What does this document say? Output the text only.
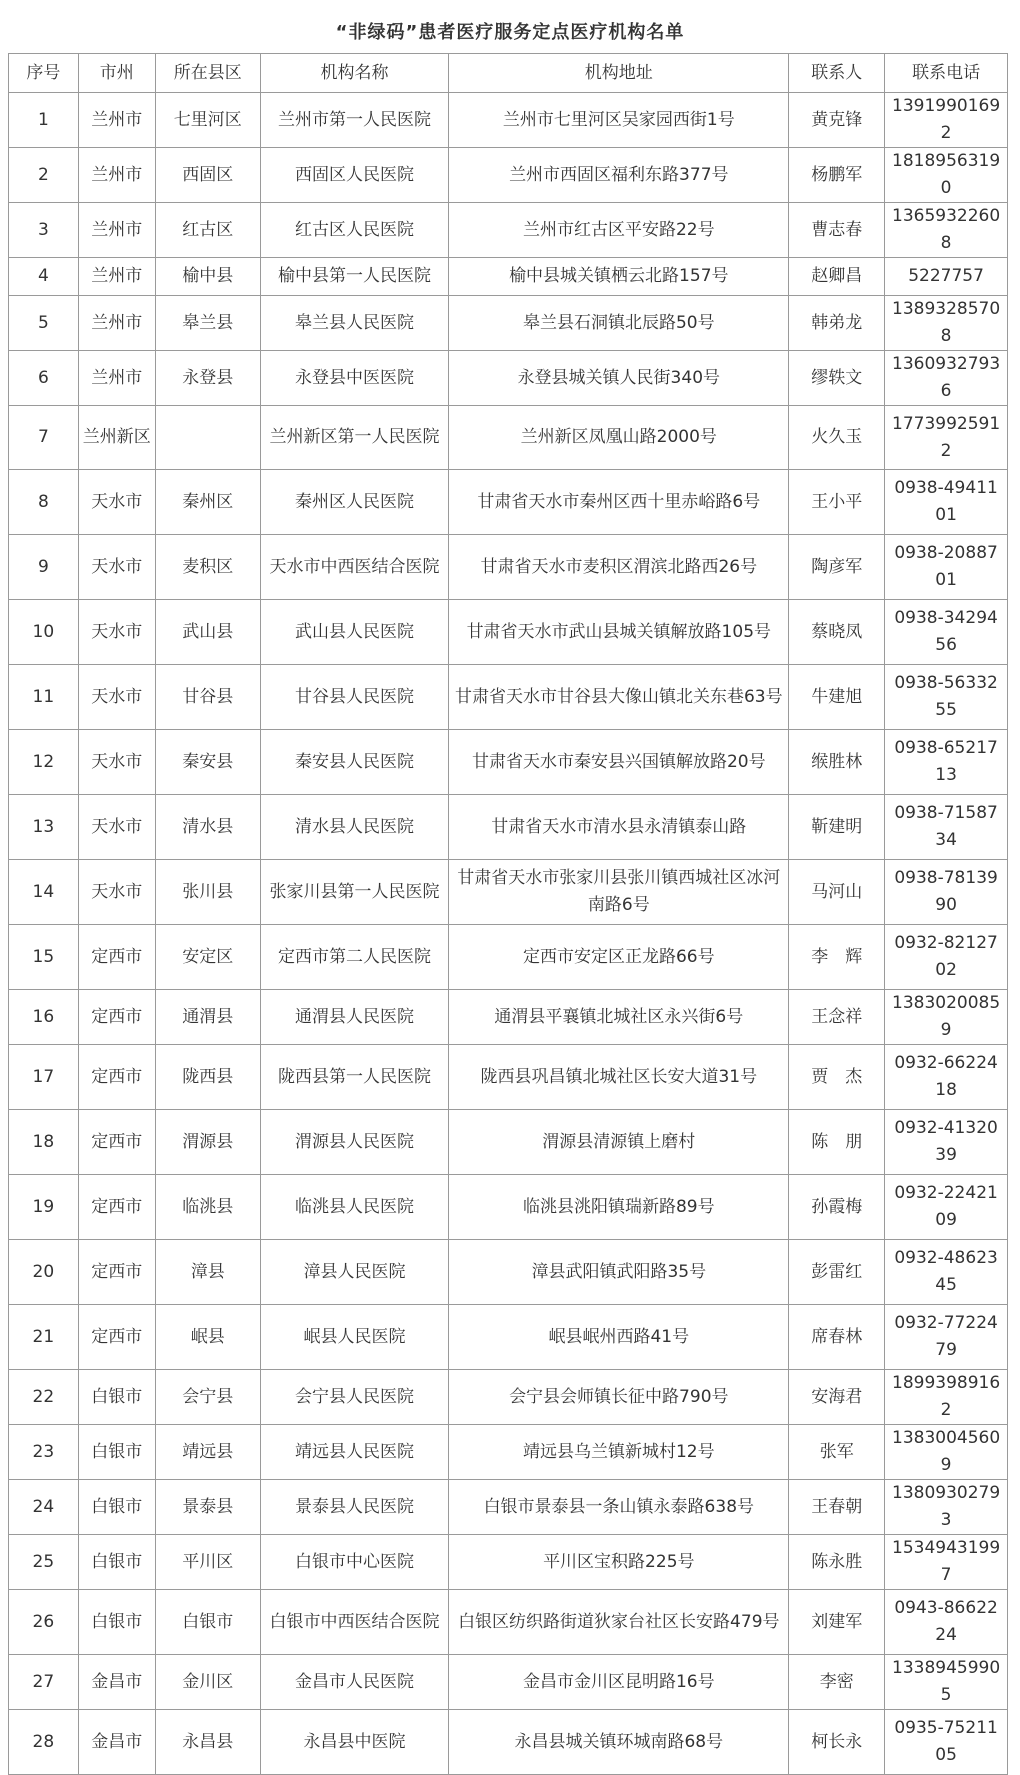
“非绿码”患者医疗服务定点医疗机构名单
序号	市州	所在县区	机构名称	机构地址	联系人	联系电话
1	兰州市	七里河区	兰州市第一人民医院	兰州市七里河区吴家园西街1号	黄克锋	13919901692
2	兰州市	西固区	西固区人民医院	兰州市西固区福利东路377号	杨鹏军	18189563190
3	兰州市	红古区	红古区人民医院	兰州市红古区平安路22号	曹志春	13659322608
4	兰州市	榆中县	榆中县第一人民医院	榆中县城关镇栖云北路157号	赵卿昌	5227757
5	兰州市	皋兰县	皋兰县人民医院	皋兰县石洞镇北辰路50号	韩弟龙	13893285708
6	兰州市	永登县	永登县中医医院	永登县城关镇人民街340号	缪轶文	13609327936
7	兰州新区		兰州新区第一人民医院	兰州新区凤凰山路2000号	火久玉	17739925912
8	天水市	秦州区	秦州区人民医院	甘肃省天水市秦州区西十里赤峪路6号	王小平	0938-4941101
9	天水市	麦积区	天水市中西医结合医院	甘肃省天水市麦积区渭滨北路西26号	陶彦军	0938-2088701
10	天水市	武山县	武山县人民医院	甘肃省天水市武山县城关镇解放路105号	蔡晓凤	0938-3429456
11	天水市	甘谷县	甘谷县人民医院	甘肃省天水市甘谷县大像山镇北关东巷63号	牛建旭	0938-5633255
12	天水市	秦安县	秦安县人民医院	甘肃省天水市秦安县兴国镇解放路20号	缑胜林	0938-6521713
13	天水市	清水县	清水县人民医院	甘肃省天水市清水县永清镇泰山路	靳建明	0938-7158734
14	天水市	张川县	张家川县第一人民医院	甘肃省天水市张家川县张川镇西城社区冰河南路6号	马河山	0938-7813990
15	定西市	安定区	定西市第二人民医院	定西市安定区正龙路66号	李　辉	0932-8212702
16	定西市	通渭县	通渭县人民医院	通渭县平襄镇北城社区永兴街6号	王念祥	13830200859
17	定西市	陇西县	陇西县第一人民医院	陇西县巩昌镇北城社区长安大道31号	贾　杰	0932-6622418
18	定西市	渭源县	渭源县人民医院	渭源县清源镇上磨村	陈　朋	0932-4132039
19	定西市	临洮县	临洮县人民医院	临洮县洮阳镇瑞新路89号	孙霞梅	0932-2242109
20	定西市	漳县	漳县人民医院	漳县武阳镇武阳路35号	彭雷红	0932-4862345
21	定西市	岷县	岷县人民医院	岷县岷州西路41号	席春林	0932-7722479
22	白银市	会宁县	会宁县人民医院	会宁县会师镇长征中路790号	安海君	18993989162
23	白银市	靖远县	靖远县人民医院	靖远县乌兰镇新城村12号	张军	13830045609
24	白银市	景泰县	景泰县人民医院	白银市景泰县一条山镇永泰路638号	王春朝	13809302793
25	白银市	平川区	白银市中心医院	平川区宝积路225号	陈永胜	15349431997
26	白银市	白银市	白银市中西医结合医院	白银区纺织路街道狄家台社区长安路479号	刘建军	0943-8662224
27	金昌市	金川区	金昌市人民医院	金昌市金川区昆明路16号	李密	13389459905
28	金昌市	永昌县	永昌县中医院	永昌县城关镇环城南路68号	柯长永	0935-7521105
